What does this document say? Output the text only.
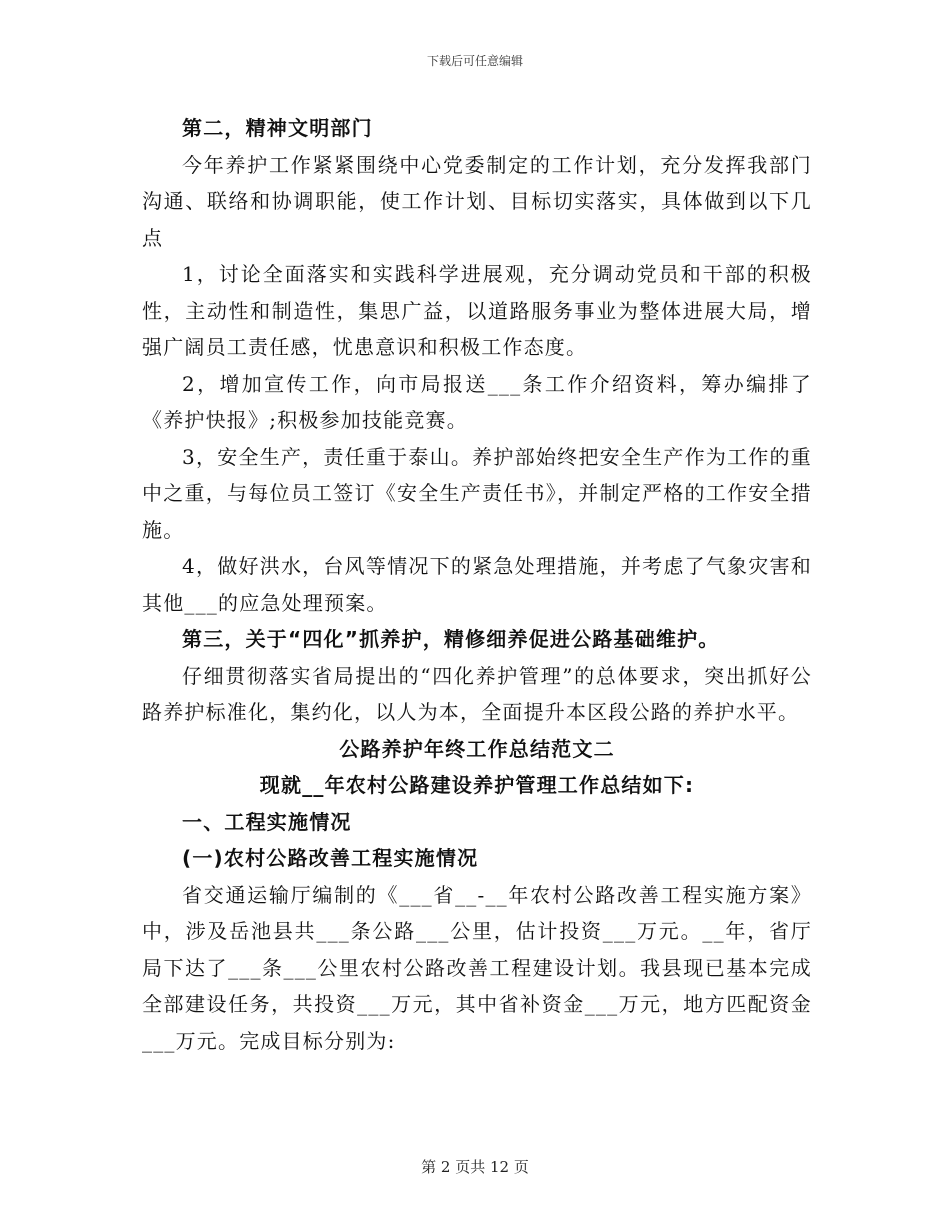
下载后可任意编辑

第二，精神文明部门

今年养护工作紧紧围绕中心党委制定的工作计划，充分发挥我部门沟通、联络和协调职能，使工作计划、目标切实落实，具体做到以下几点

1，讨论全面落实和实践科学进展观，充分调动党员和干部的积极性，主动性和制造性，集思广益，以道路服务事业为整体进展大局，增强广阔员工责任感，忧患意识和积极工作态度。

2，增加宣传工作，向市局报送___条工作介绍资料，筹办编排了《养护快报》;积极参加技能竞赛。

3，安全生产，责任重于泰山。养护部始终把安全生产作为工作的重中之重，与每位员工签订《安全生产责任书》，并制定严格的工作安全措施。

4，做好洪水，台风等情况下的紧急处理措施，并考虑了气象灾害和其他___的应急处理预案。

第三，关于“四化”抓养护，精修细养促进公路基础维护。

仔细贯彻落实省局提出的“四化养护管理”的总体要求，突出抓好公路养护标准化，集约化，以人为本，全面提升本区段公路的养护水平。

公路养护年终工作总结范文二

现就__年农村公路建设养护管理工作总结如下:

一、工程实施情况

(一)农村公路改善工程实施情况

省交通运输厅编制的《___省__-__年农村公路改善工程实施方案》中，涉及岳池县共___条公路___公里，估计投资___万元。__年，省厅局下达了___条___公里农村公路改善工程建设计划。我县现已基本完成全部建设任务，共投资___万元，其中省补资金___万元，地方匹配资金___万元。完成目标分别为:

第 2 页共 12 页
